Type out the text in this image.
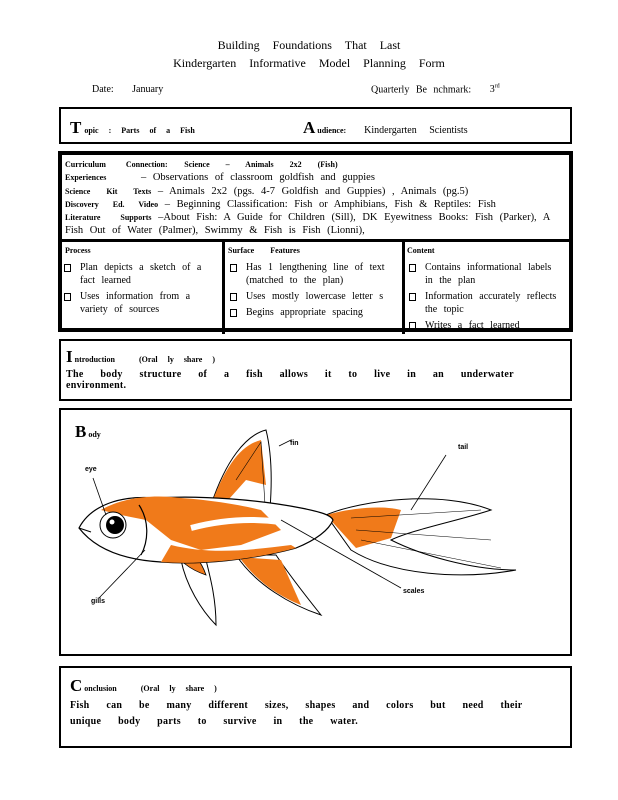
Building Foundations That Last
Kindergarten Informative Model Planning Form
Date: January	Quarterly Be nchmark: 3rd
Topic : Parts of a Fish	Audience: Kindergarten Scientists
Curriculum Connection: Science – Animals 2x2 (Fish)
Experiences	– Observations of classroom goldfish and guppies
Science Kit Texts – Animals 2x2 (pgs. 4-7 Goldfish and Guppies) , Animals (pg.5)
Discovery Ed. Video – Beginning Classification: Fish or Amphibians, Fish & Reptiles: Fish
Literature Supports –About Fish: A Guide for Children (Sill), DK Eyewitness Books: Fish (Parker), A Fish Out of Water (Palmer), Swimmy & Fish is Fish (Lionni),
Process
Plan depicts a sketch of a fact learned
Uses information from a variety of sources
Surface Features
Has 1 lengthening line of text (matched to the plan)
Uses mostly lowercase letter s
Begins appropriate spacing
Content
Contains informational labels in the plan
Information accurately reflects the topic
Writes a fact learned
Introduction	(Oral ly share )
The body structure of a fish allows it to live in an underwater environment.
Body
fin
tail
eye
gills
scales
Conclusion	(Oral ly share )
Fish can be many different sizes, shapes and colors but need their unique body parts to survive in the water.
